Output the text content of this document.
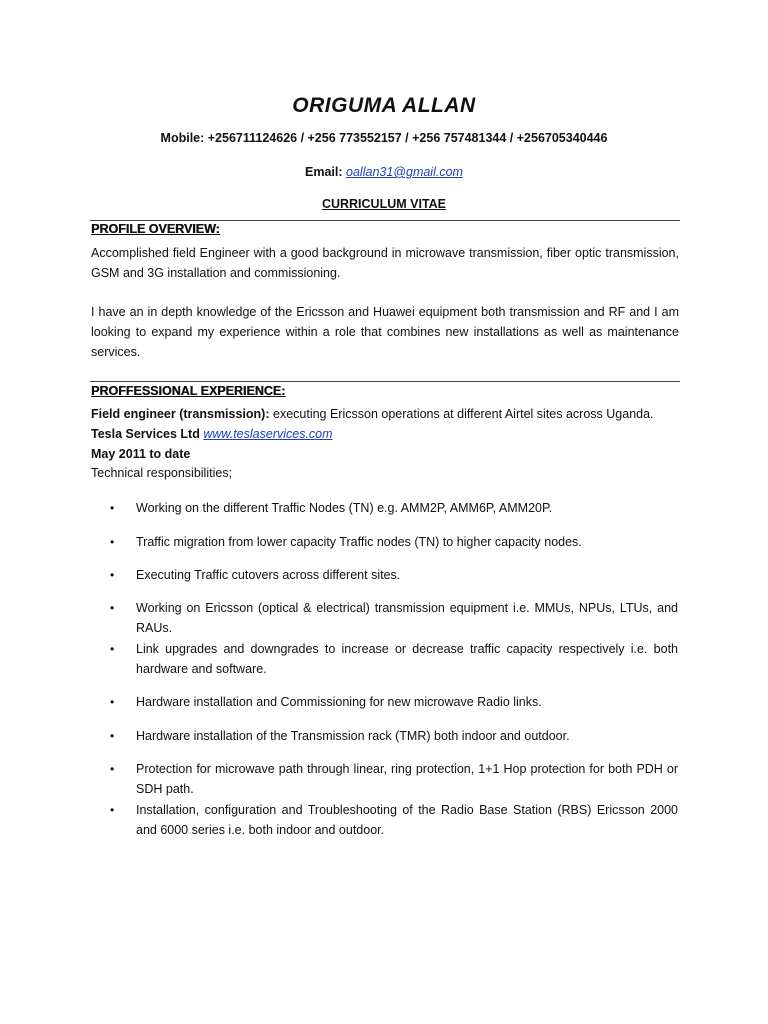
ORIGUMA ALLAN
Mobile: +256711124626 / +256 773552157 / +256 757481344 / +256705340446
Email: oallan31@gmail.com
CURRICULUM VITAE
PROFILE OVERVIEW:

Accomplished field Engineer with a good background in microwave transmission, fiber optic transmission, GSM and 3G installation and commissioning.

I have an in depth knowledge of the Ericsson and Huawei equipment both transmission and RF and I am looking to expand my experience within a role that combines new installations as well as maintenance services.

PROFFESSIONAL EXPERIENCE:
Field engineer (transmission): executing Ericsson operations at different Airtel sites across Uganda.
Tesla Services Ltd www.teslaservices.com
May 2011 to date
Technical responsibilities;
• Working on the different Traffic Nodes (TN) e.g. AMM2P, AMM6P, AMM20P.
• Traffic migration from lower capacity Traffic nodes (TN) to higher capacity nodes.
• Executing Traffic cutovers across different sites.
• Working on Ericsson (optical & electrical) transmission equipment i.e. MMUs, NPUs, LTUs, and RAUs.
• Link upgrades and downgrades to increase or decrease traffic capacity respectively i.e. both hardware and software.
• Hardware installation and Commissioning for new microwave Radio links.
• Hardware installation of the Transmission rack (TMR) both indoor and outdoor.
• Protection for microwave path through linear, ring protection, 1+1 Hop protection for both PDH or SDH path.
• Installation, configuration and Troubleshooting of the Radio Base Station (RBS) Ericsson 2000 and 6000 series i.e. both indoor and outdoor.
